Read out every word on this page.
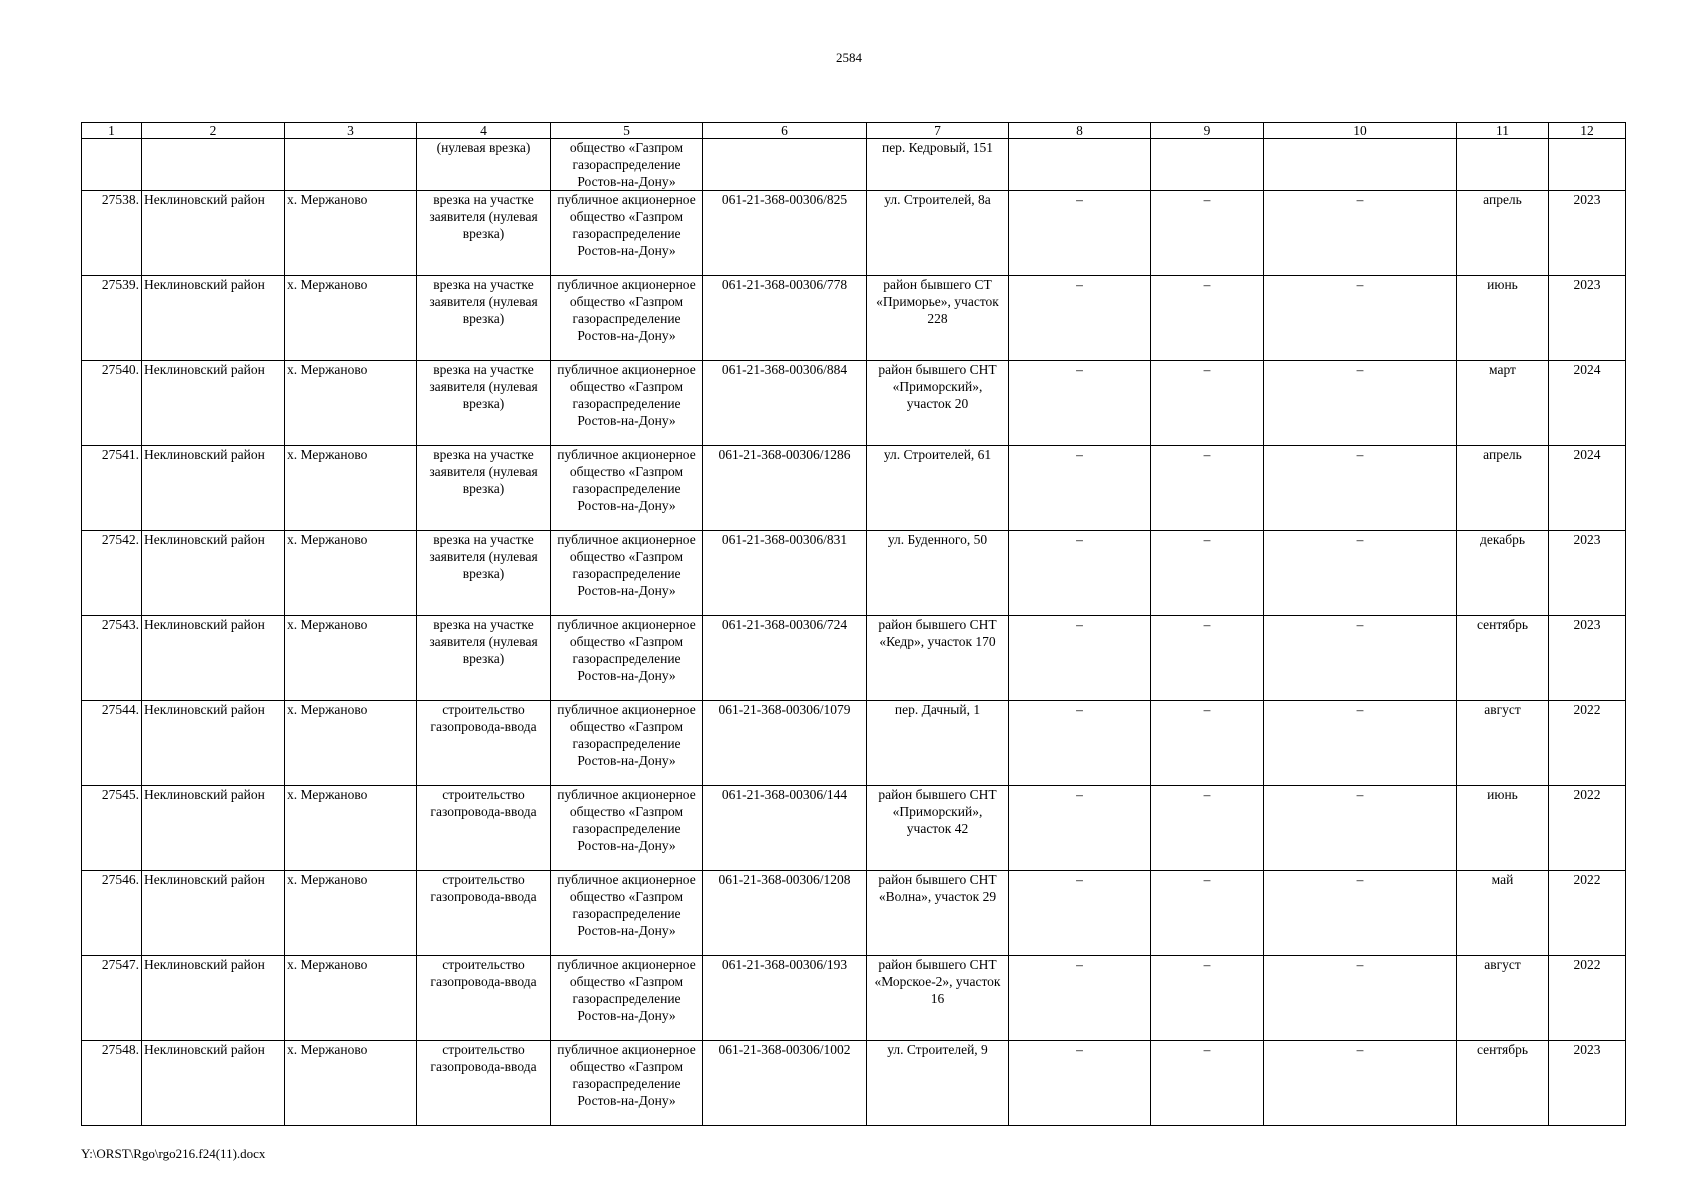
2584
1	2	3	4	5	6	7	8	9	10	11	12
			(нулевая врезка)	общество «Газпром газораспределение Ростов-на-Дону»		пер. Кедровый, 151					
27538.	Неклиновский район	х. Мержаново	врезка на участке заявителя (нулевая врезка)	публичное акционерное общество «Газпром газораспределение Ростов-на-Дону»	061-21-368-00306/825	ул. Строителей, 8а	–	–	–	апрель	2023
27539.	Неклиновский район	х. Мержаново	врезка на участке заявителя (нулевая врезка)	публичное акционерное общество «Газпром газораспределение Ростов-на-Дону»	061-21-368-00306/778	район бывшего СТ «Приморье», участок 228	–	–	–	июнь	2023
27540.	Неклиновский район	х. Мержаново	врезка на участке заявителя (нулевая врезка)	публичное акционерное общество «Газпром газораспределение Ростов-на-Дону»	061-21-368-00306/884	район бывшего СНТ «Приморский», участок 20	–	–	–	март	2024
27541.	Неклиновский район	х. Мержаново	врезка на участке заявителя (нулевая врезка)	публичное акционерное общество «Газпром газораспределение Ростов-на-Дону»	061-21-368-00306/1286	ул. Строителей, 61	–	–	–	апрель	2024
27542.	Неклиновский район	х. Мержаново	врезка на участке заявителя (нулевая врезка)	публичное акционерное общество «Газпром газораспределение Ростов-на-Дону»	061-21-368-00306/831	ул. Буденного, 50	–	–	–	декабрь	2023
27543.	Неклиновский район	х. Мержаново	врезка на участке заявителя (нулевая врезка)	публичное акционерное общество «Газпром газораспределение Ростов-на-Дону»	061-21-368-00306/724	район бывшего СНТ «Кедр», участок 170	–	–	–	сентябрь	2023
27544.	Неклиновский район	х. Мержаново	строительство газопровода-ввода	публичное акционерное общество «Газпром газораспределение Ростов-на-Дону»	061-21-368-00306/1079	пер. Дачный, 1	–	–	–	август	2022
27545.	Неклиновский район	х. Мержаново	строительство газопровода-ввода	публичное акционерное общество «Газпром газораспределение Ростов-на-Дону»	061-21-368-00306/144	район бывшего СНТ «Приморский», участок 42	–	–	–	июнь	2022
27546.	Неклиновский район	х. Мержаново	строительство газопровода-ввода	публичное акционерное общество «Газпром газораспределение Ростов-на-Дону»	061-21-368-00306/1208	район бывшего СНТ «Волна», участок 29	–	–	–	май	2022
27547.	Неклиновский район	х. Мержаново	строительство газопровода-ввода	публичное акционерное общество «Газпром газораспределение Ростов-на-Дону»	061-21-368-00306/193	район бывшего СНТ «Морское-2», участок 16	–	–	–	август	2022
27548.	Неклиновский район	х. Мержаново	строительство газопровода-ввода	публичное акционерное общество «Газпром газораспределение Ростов-на-Дону»	061-21-368-00306/1002	ул. Строителей, 9	–	–	–	сентябрь	2023
Y:\ORST\Rgo\rgo216.f24(11).docx
